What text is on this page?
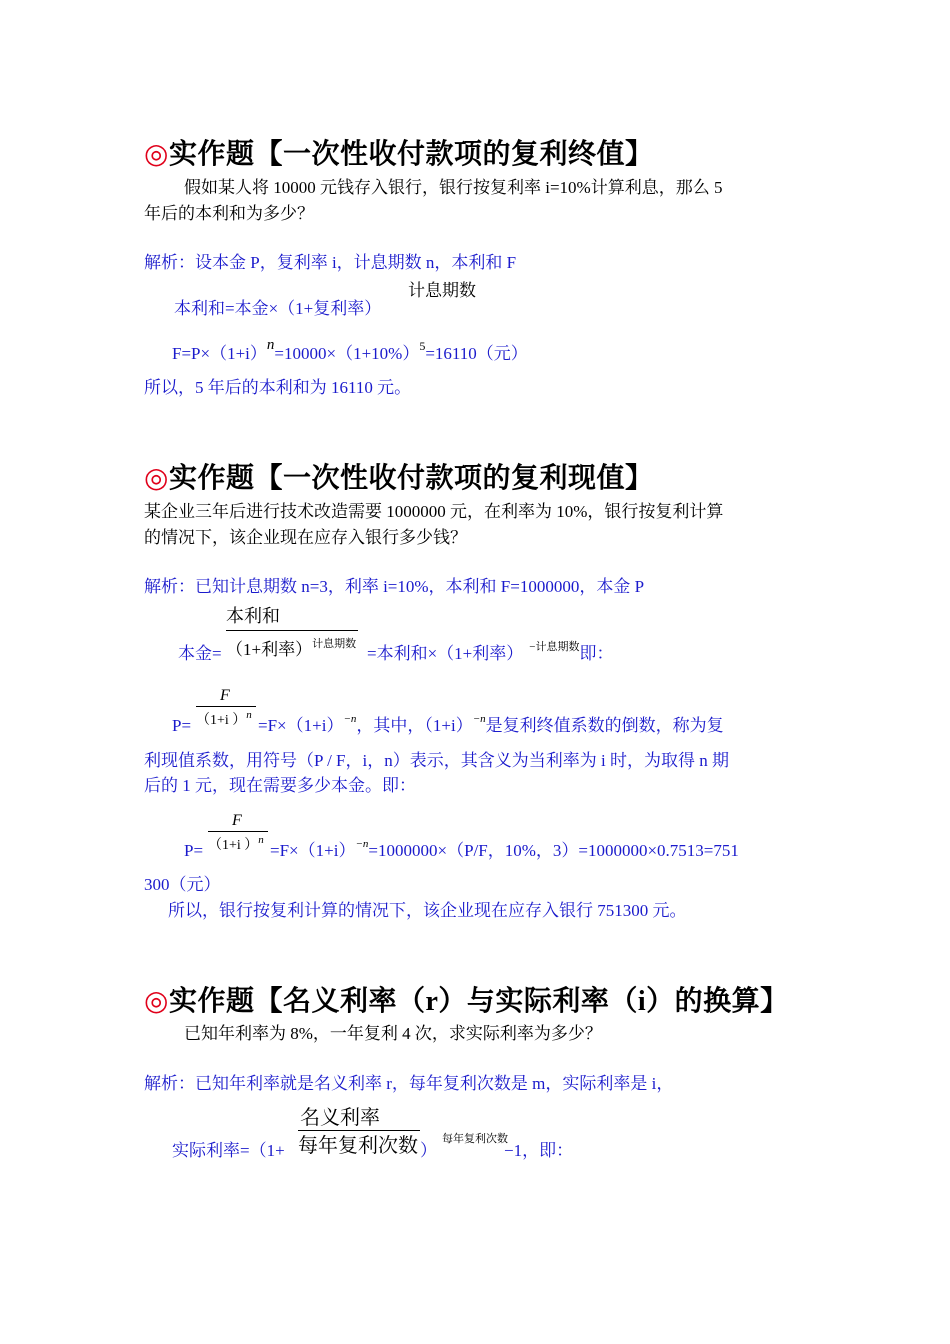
◎实作题【一次性收付款项的复利终值】
假如某人将 10000 元钱存入银行，银行按复利率 i=10%计算利息，那么 5
年后的本利和为多少？
解析：设本金 P，复利率 i，计息期数 n，本利和 F
计息期数
本利和=本金×（1+复利率）
$F=P\times(1+i)n=10000\times(1+10\%)^5=16110$（元）
所以，5 年后的本利和为 16110 元。
◎实作题【一次性收付款项的复利现值】
某企业三年后进行技术改造需要 1000000 元，在利率为 10%，银行按复利计算
的情况下，该企业现在应存入银行多少钱？
解析：已知计息期数 n=3，利率 i=10%，本利和 F=1000000，本金 P
本利和
本金= （1+利率）$^{计息期数}$ =本利和×（1+利率） $^{-计息期数}$即：
F
P= （1+i ）$^n$
$=F\times(1+i)^{-n}$，其中，$(1+i)^{-n}$是复利终值系数的倒数，称为复
利现值系数，用符号（P / F，i，n）表示，其含义为当利率为 i 时，为取得 n 期
后的 1 元，现在需要多少本金。即：
F
P= （1+i ）$^n$
$=F\times(1+i)^{-n}=1000000\times(P/F$，10%，3）=1000000×0.7513=751
300（元）
所以，银行按复利计算的情况下，该企业现在应存入银行 751300 元。
◎实作题【名义利率（r）与实际利率（i）的换算】
已知年利率为 8%，一年复利 4 次，求实际利率为多少？
解析：已知年利率就是名义利率 r，每年复利次数是 m，实际利率是 i，
名义利率
实际利率=（1+ 每年复利次数 ）
每年复利次数
−1，即：
